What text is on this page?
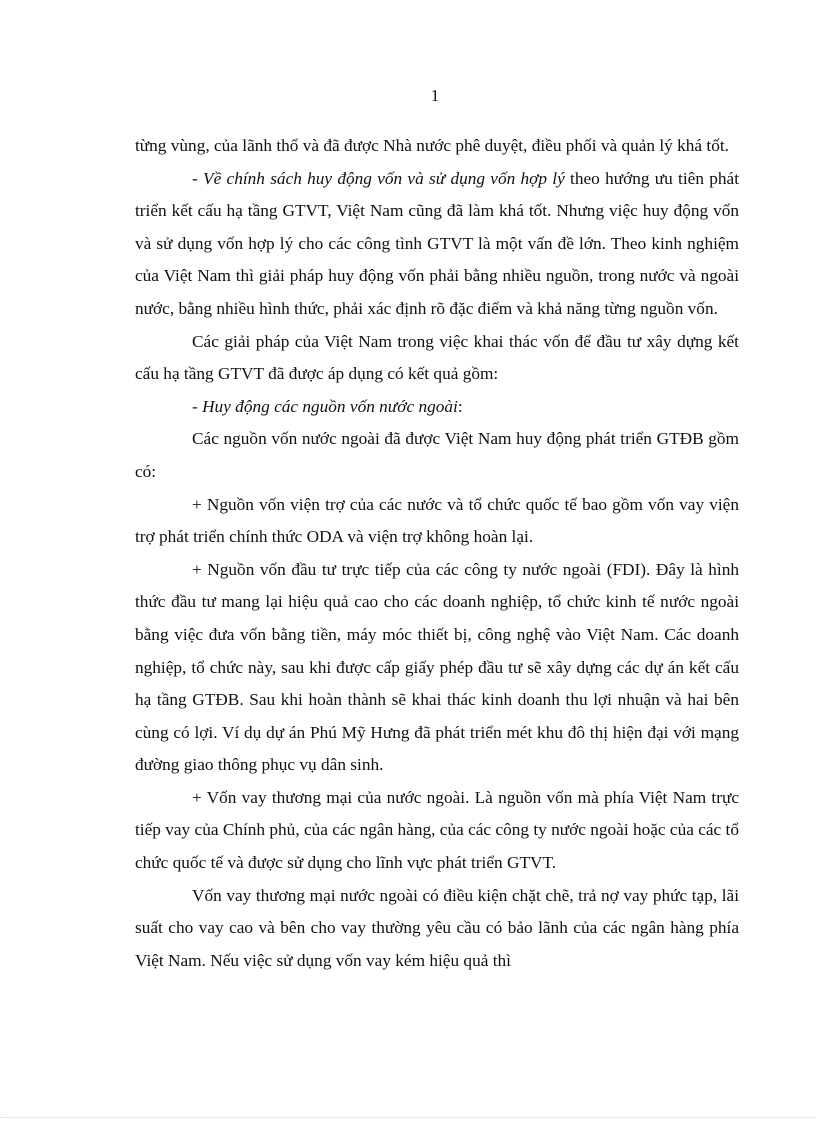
1

từng vùng, của lãnh thổ và đã được Nhà nước phê duyệt, điều phối và quản lý khá tốt.

- Về chính sách huy động vốn và sử dụng vốn hợp lý theo hướng ưu tiên phát triển kết cấu hạ tầng GTVT, Việt Nam cũng đã làm khá tốt. Nhưng việc huy động vốn và sử dụng vốn hợp lý cho các công tình GTVT là một vấn đề lớn. Theo kinh nghiệm của Việt Nam thì giải pháp huy động vốn phải bằng nhiều nguồn, trong nước và ngoài nước, bằng nhiều hình thức, phải xác định rõ đặc điểm và khả năng từng nguồn vốn.

Các giải pháp của Việt Nam trong việc khai thác vốn để đầu tư xây dựng kết cấu hạ tầng GTVT đã được áp dụng có kết quả gồm:

- Huy động các nguồn vốn nước ngoài:

Các nguồn vốn nước ngoài đã được Việt Nam huy động phát triển GTĐB gồm có:

+ Nguồn vốn viện trợ của các nước và tổ chức quốc tế bao gồm vốn vay viện trợ phát triển chính thức ODA và viện trợ không hoàn lại.

+ Nguồn vốn đầu tư trực tiếp của các công ty nước ngoài (FDI). Đây là hình thức đầu tư mang lại hiệu quả cao cho các doanh nghiệp, tổ chức kinh tế nước ngoài bằng việc đưa vốn bằng tiền, máy móc thiết bị, công nghệ vào Việt Nam. Các doanh nghiệp, tổ chức này, sau khi được cấp giấy phép đầu tư sẽ xây dựng các dự án kết cấu hạ tầng GTĐB. Sau khi hoàn thành sẽ khai thác kinh doanh thu lợi nhuận và hai bên cùng có lợi. Ví dụ dự án Phú Mỹ Hưng đã phát triển mét khu đô thị hiện đại với mạng đường giao thông phục vụ dân sinh.

+ Vốn vay thương mại của nước ngoài. Là nguồn vốn mà phía Việt Nam trực tiếp vay của Chính phủ, của các ngân hàng, của các công ty nước ngoài hoặc của các tổ chức quốc tế và được sử dụng cho lĩnh vực phát triển GTVT.

Vốn vay thương mại nước ngoài có điều kiện chặt chẽ, trả nợ vay phức tạp, lãi suất cho vay cao và bên cho vay thường yêu cầu có bảo lãnh của các ngân hàng phía Việt Nam. Nếu việc sử dụng vốn vay kém hiệu quả thì
